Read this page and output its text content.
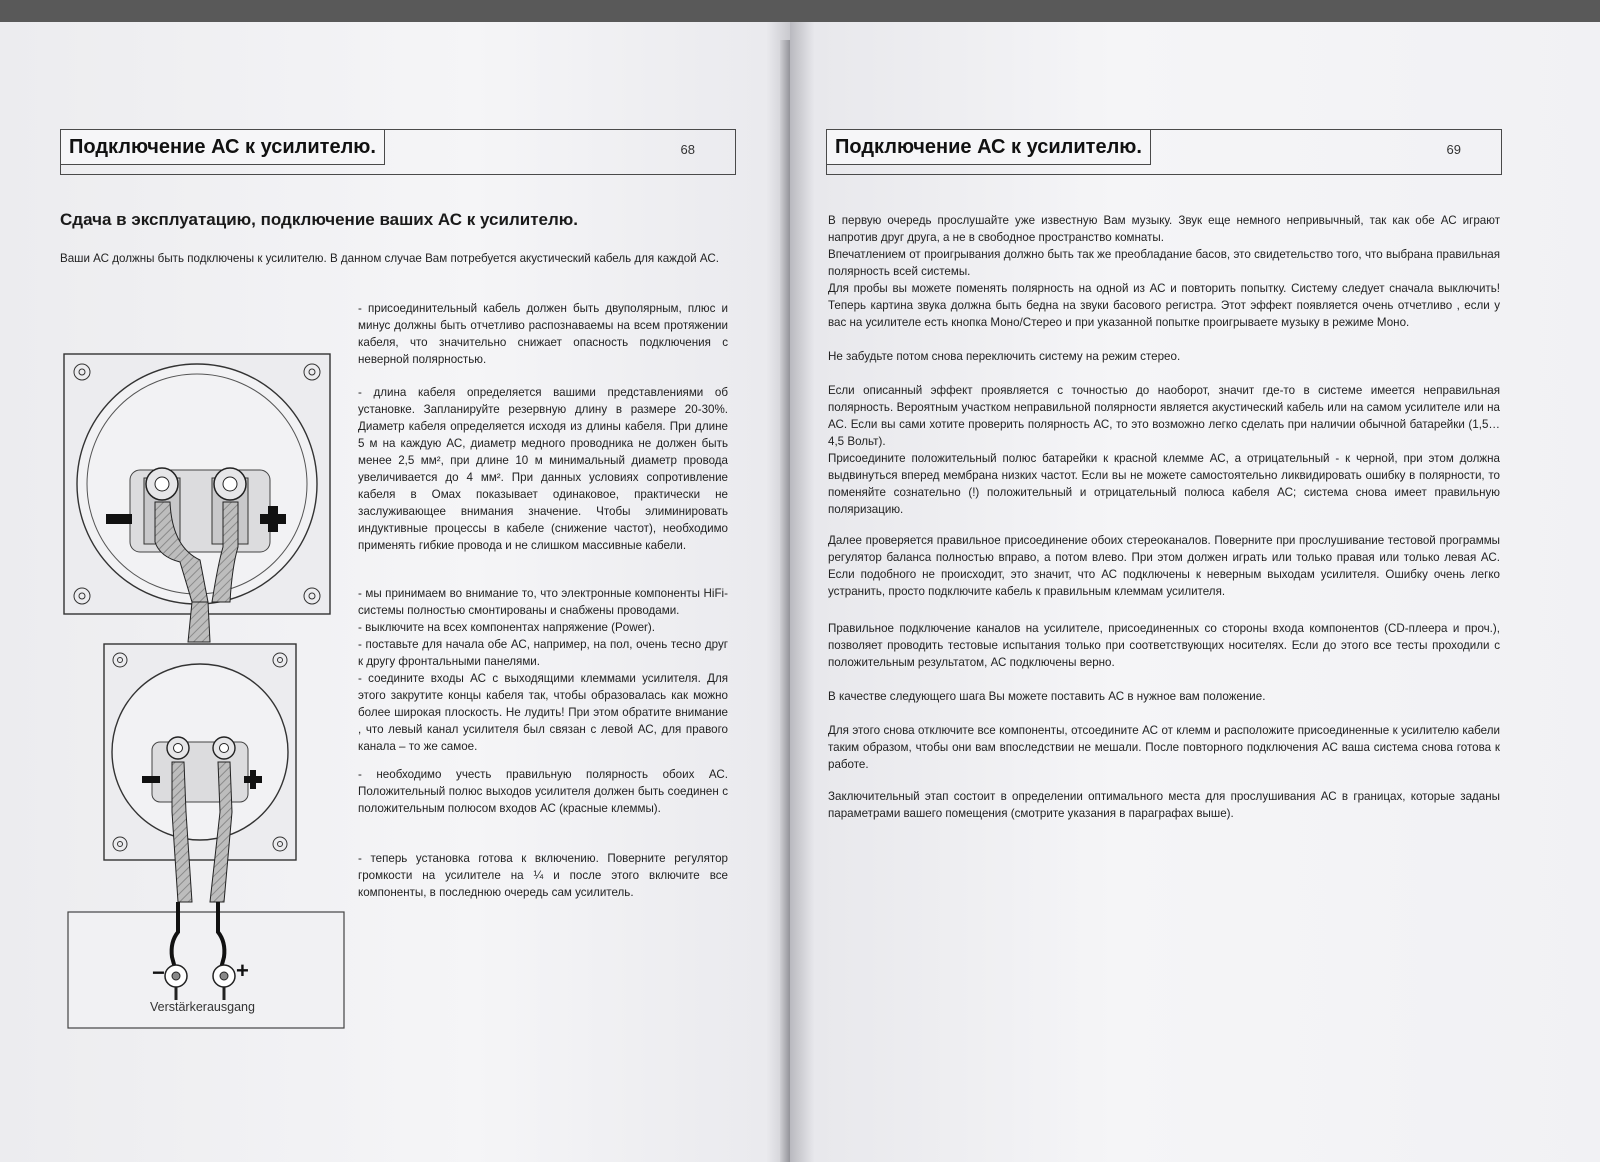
Подключение АС к усилителю.	68
Сдача в эксплуатацию, подключение ваших АС к усилителю.
Ваши АС должны быть подключены к усилителю. В данном случае Вам потребуется акустический кабель для каждой АС.
- присоединительный кабель должен быть двуполярным, плюс и минус должны быть отчетливо распознаваемы на всем протяжении кабеля, что значительно снижает опасность подключения с неверной полярностью.
- длина кабеля определяется вашими представлениями об установке. Запланируйте резервную длину в размере 20-30%. Диаметр кабеля определяется исходя из длины кабеля. При длине 5 м на каждую АС, диаметр медного проводника не должен быть менее 2,5 мм², при длине 10 м минимальный диаметр провода увеличивается до 4 мм². При данных условиях сопротивление кабеля в Омах показывает одинаковое, практически не заслуживающее внимания значение. Чтобы элиминировать индуктивные процессы в кабеле (снижение частот), необходимо применять гибкие провода и не слишком массивные кабели.
- мы принимаем во внимание то, что электронные компоненты HiFi-системы полностью смонтированы и снабжены проводами.
- выключите на всех компонентах напряжение (Power).
- поставьте для начала обе АС, например, на пол, очень тесно друг к другу фронтальными панелями.
- соедините входы АС с выходящими клеммами усилителя. Для этого закрутите концы кабеля так, чтобы образовалась как можно более широкая плоскость. Не лудить! При этом обратите внимание , что левый канал усилителя был связан с левой АС, для правого канала – то же самое.
- необходимо учесть правильную полярность обоих АС. Положительный полюс выходов усилителя должен быть соединен с положительным полюсом входов АС (красные клеммы).
- теперь установка готова к включению. Поверните регулятор громкости на усилителе на ¼ и после этого включите все компоненты, в последнюю очередь сам усилитель.
−	+
Verstärkerausgang
Подключение АС к усилителю.	69
В первую очередь прослушайте уже известную Вам музыку. Звук еще немного непривычный, так как обе АС играют напротив друг друга, а не в свободное пространство комнаты.
Впечатлением от проигрывания должно быть так же преобладание басов, это свидетельство того, что выбрана правильная полярность всей системы.
Для пробы вы можете поменять полярность на одной из АС и повторить попытку. Систему следует сначала выключить! Теперь картина звука должна быть бедна на звуки басового регистра. Этот эффект появляется очень отчетливо , если у вас на усилителе есть кнопка Моно/Стерео и при указанной попытке проигрываете музыку в режиме Моно.
Не забудьте потом снова переключить систему на режим стерео.
Если описанный эффект проявляется с точностью до наоборот, значит где-то в системе имеется неправильная полярность. Вероятным участком неправильной полярности является акустический кабель или на самом усилителе или на АС. Если вы сами хотите проверить полярность АС, то это возможно легко сделать при наличии обычной батарейки (1,5… 4,5 Вольт).
Присоедините положительный полюс батарейки к красной клемме АС, а отрицательный - к черной, при этом должна выдвинуться вперед мембрана низких частот. Если вы не можете самостоятельно ликвидировать ошибку в полярности, то поменяйте сознательно (!) положительный и отрицательный полюса кабеля АС; система снова имеет правильную поляризацию.
Далее проверяется правильное присоединение обоих стереоканалов. Поверните при прослушивание тестовой программы регулятор баланса полностью вправо, а потом влево. При этом должен играть или только правая или только левая АС. Если подобного не происходит, это значит, что АС подключены к неверным выходам усилителя. Ошибку очень легко устранить, просто подключите кабель к правильным клеммам усилителя.
Правильное подключение каналов на усилителе, присоединенных со стороны входа компонентов (CD-плеера и проч.), позволяет проводить тестовые испытания только при соответствующих носителях. Если до этого все тесты проходили с положительным результатом, АС подключены верно.
В качестве следующего шага Вы можете поставить АС в нужное вам положение.
Для этого снова отключите все компоненты, отсоедините АС от клемм и расположите присоединенные к усилителю кабели таким образом, чтобы они вам впоследствии не мешали. После повторного подключения АС ваша система снова готова к работе.
Заключительный этап состоит в определении оптимального места для прослушивания АС в границах, которые заданы параметрами вашего помещения (смотрите указания в параграфах выше).
